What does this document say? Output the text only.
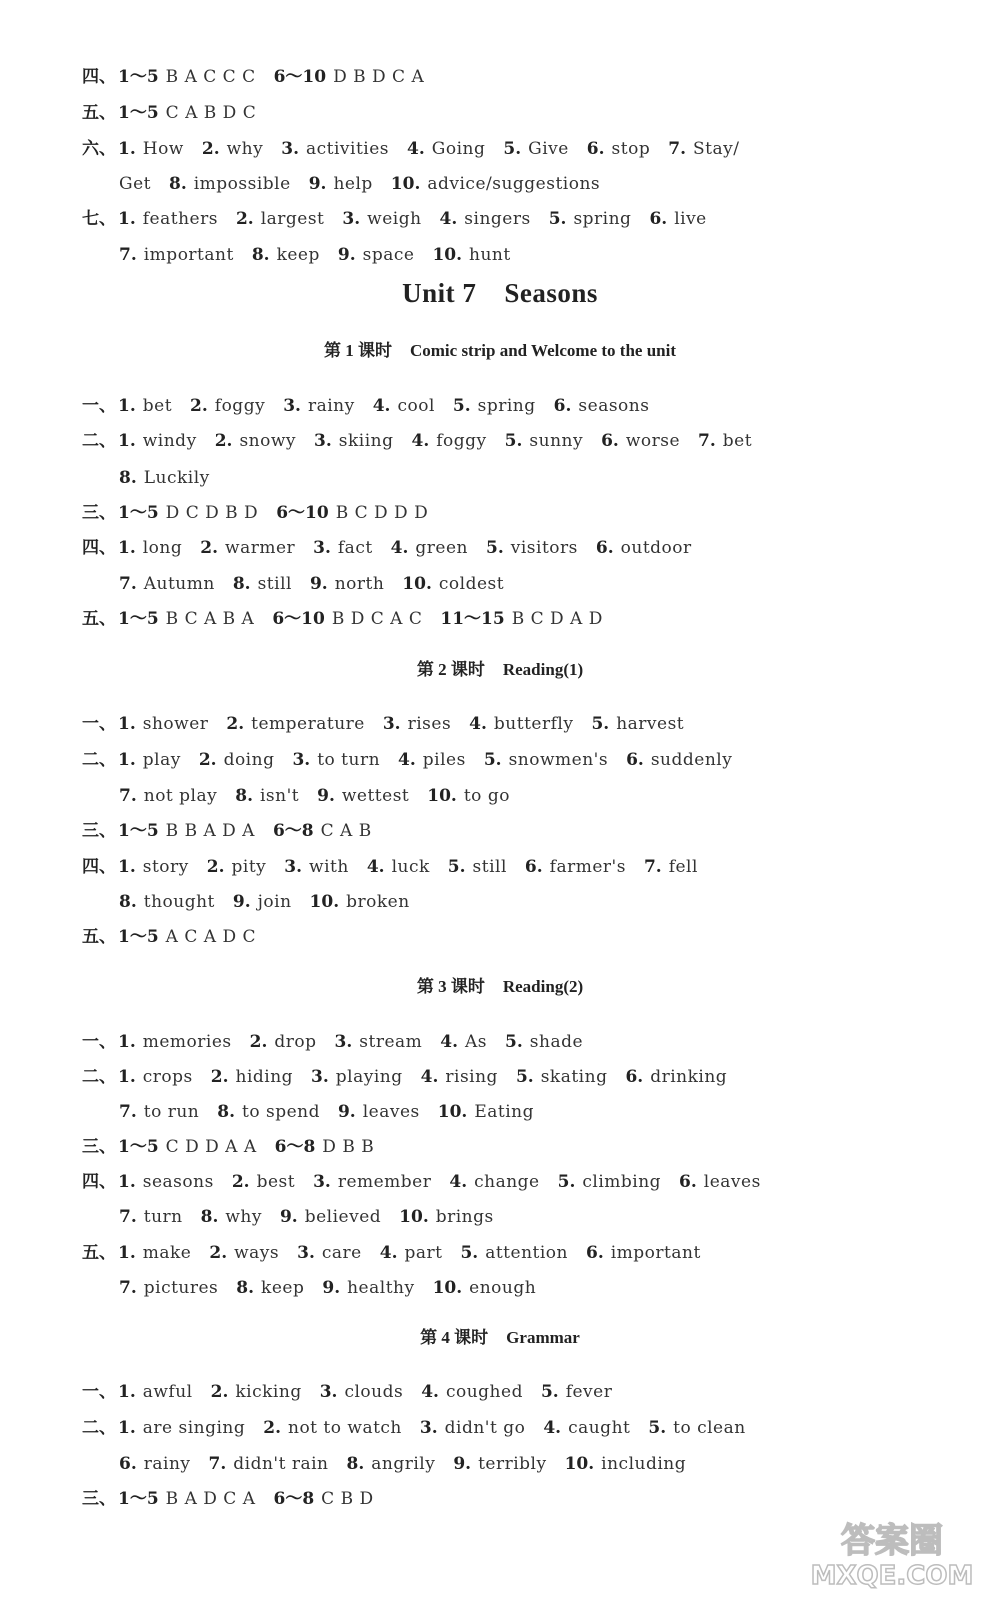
四、 1～5 B A C C C 6～10 D B D C A
五、 1～5 C A B D C
六、 1. How 2. why 3. activities 4. Going 5. Give 6. stop 7. Stay/
Get 8. impossible 9. help 10. advice/suggestions
七、 1. feathers 2. largest 3. weigh 4. singers 5. spring 6. live
7. important 8. keep 9. space 10. hunt
Unit 7 Seasons
第 1 课时 Comic strip and Welcome to the unit
一、 1. bet 2. foggy 3. rainy 4. cool 5. spring 6. seasons
二、 1. windy 2. snowy 3. skiing 4. foggy 5. sunny 6. worse 7. bet
8. Luckily
三、 1～5 D C D B D 6～10 B C D D D
四、 1. long 2. warmer 3. fact 4. green 5. visitors 6. outdoor
7. Autumn 8. still 9. north 10. coldest
五、 1～5 B C A B A 6～10 B D C A C 11～15 B C D A D
第 2 课时 Reading(1)
一、 1. shower 2. temperature 3. rises 4. butterfly 5. harvest
二、 1. play 2. doing 3. to turn 4. piles 5. snowmen's 6. suddenly
7. not play 8. isn't 9. wettest 10. to go
三、 1～5 B B A D A 6～8 C A B
四、 1. story 2. pity 3. with 4. luck 5. still 6. farmer's 7. fell
8. thought 9. join 10. broken
五、 1～5 A C A D C
第 3 课时 Reading(2)
一、 1. memories 2. drop 3. stream 4. As 5. shade
二、 1. crops 2. hiding 3. playing 4. rising 5. skating 6. drinking
7. to run 8. to spend 9. leaves 10. Eating
三、 1～5 C D D A A 6～8 D B B
四、 1. seasons 2. best 3. remember 4. change 5. climbing 6. leaves
7. turn 8. why 9. believed 10. brings
五、 1. make 2. ways 3. care 4. part 5. attention 6. important
7. pictures 8. keep 9. healthy 10. enough
第 4 课时 Grammar
一、 1. awful 2. kicking 3. clouds 4. coughed 5. fever
二、 1. are singing 2. not to watch 3. didn't go 4. caught 5. to clean
6. rainy 7. didn't rain 8. angrily 9. terribly 10. including
三、 1～5 B A D C A 6～8 C B D
答案圈
MXQE.COM
